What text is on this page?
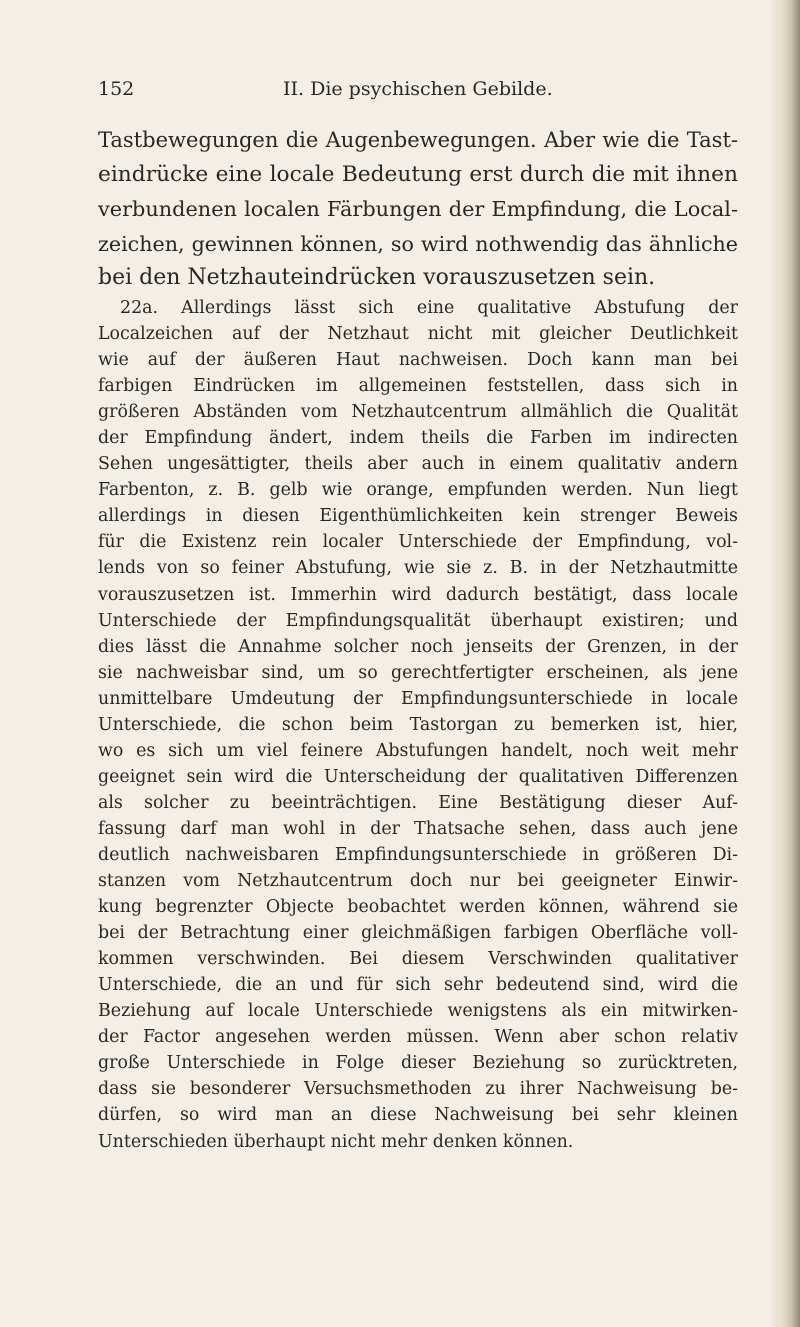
152	II. Die psychischen Gebilde.
Tastbewegungen die Augenbewegungen. Aber wie die Tast-
eindrücke eine locale Bedeutung erst durch die mit ihnen
verbundenen localen Färbungen der Empfindung, die Local-
zeichen, gewinnen können, so wird nothwendig das ähnliche
bei den Netzhauteindrücken vorauszusetzen sein.
22a. Allerdings lässt sich eine qualitative Abstufung der
Localzeichen auf der Netzhaut nicht mit gleicher Deutlichkeit
wie auf der äußeren Haut nachweisen. Doch kann man bei
farbigen Eindrücken im allgemeinen feststellen, dass sich in
größeren Abständen vom Netzhautcentrum allmählich die Qualität
der Empfindung ändert, indem theils die Farben im indirecten
Sehen ungesättigter, theils aber auch in einem qualitativ andern
Farbenton, z. B. gelb wie orange, empfunden werden. Nun liegt
allerdings in diesen Eigenthümlichkeiten kein strenger Beweis
für die Existenz rein localer Unterschiede der Empfindung, vol-
lends von so feiner Abstufung, wie sie z. B. in der Netzhautmitte
vorauszusetzen ist. Immerhin wird dadurch bestätigt, dass locale
Unterschiede der Empfindungsqualität überhaupt existiren; und
dies lässt die Annahme solcher noch jenseits der Grenzen, in der
sie nachweisbar sind, um so gerechtfertigter erscheinen, als jene
unmittelbare Umdeutung der Empfindungsunterschiede in locale
Unterschiede, die schon beim Tastorgan zu bemerken ist, hier,
wo es sich um viel feinere Abstufungen handelt, noch weit mehr
geeignet sein wird die Unterscheidung der qualitativen Differenzen
als solcher zu beeinträchtigen. Eine Bestätigung dieser Auf-
fassung darf man wohl in der Thatsache sehen, dass auch jene
deutlich nachweisbaren Empfindungsunterschiede in größeren Di-
stanzen vom Netzhautcentrum doch nur bei geeigneter Einwir-
kung begrenzter Objecte beobachtet werden können, während sie
bei der Betrachtung einer gleichmäßigen farbigen Oberfläche voll-
kommen verschwinden. Bei diesem Verschwinden qualitativer
Unterschiede, die an und für sich sehr bedeutend sind, wird die
Beziehung auf locale Unterschiede wenigstens als ein mitwirken-
der Factor angesehen werden müssen. Wenn aber schon relativ
große Unterschiede in Folge dieser Beziehung so zurücktreten,
dass sie besonderer Versuchsmethoden zu ihrer Nachweisung be-
dürfen, so wird man an diese Nachweisung bei sehr kleinen
Unterschieden überhaupt nicht mehr denken können.
